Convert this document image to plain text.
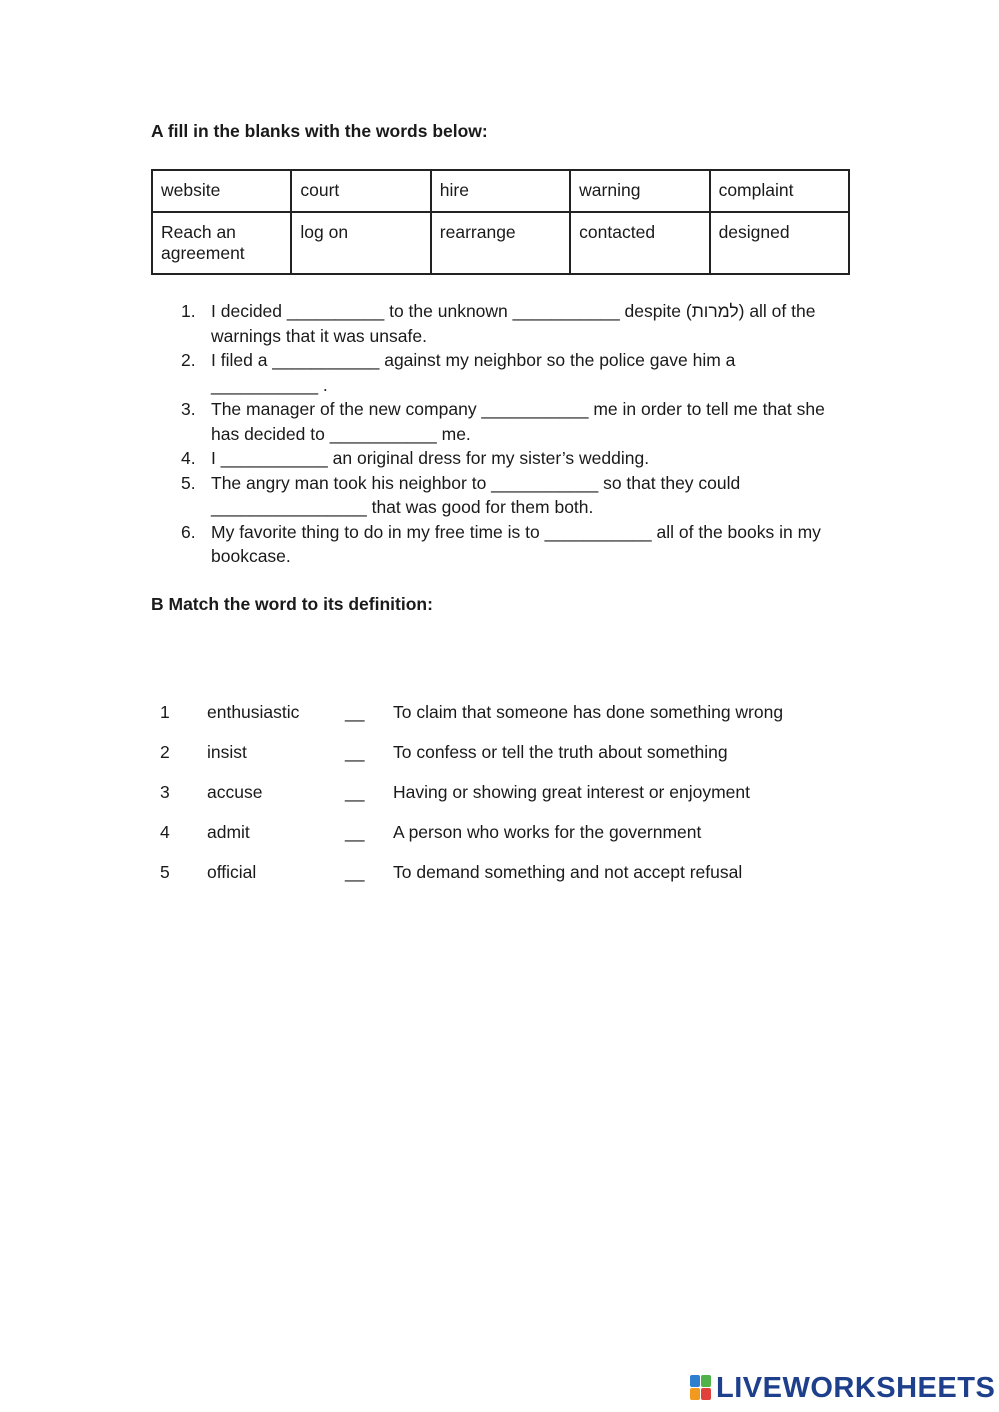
A fill in the blanks with the words below:
website	court	hire	warning	complaint
Reach an agreement	log on	rearrange	contacted	designed
1. I decided __________ to the unknown ___________ despite (למרות) all of the warnings that it was unsafe.
2. I filed a ___________ against my neighbor so the police gave him a ___________ .
3. The manager of the new company ___________ me in order to tell me that she has decided to ___________ me.
4. I ___________ an original dress for my sister’s wedding.
5. The angry man took his neighbor to ___________ so that they could ________________ that was good for them both.
6. My favorite thing to do in my free time is to ___________ all of the books in my bookcase.
B Match the word to its definition:
1 enthusiastic	__ To claim that someone has done something wrong
2 insist	__ To confess or tell the truth about something
3 accuse	__ Having or showing great interest or enjoyment
4 admit	__ A person who works for the government
5 official	__ To demand something and not accept refusal
LIVEWORKSHEETS
